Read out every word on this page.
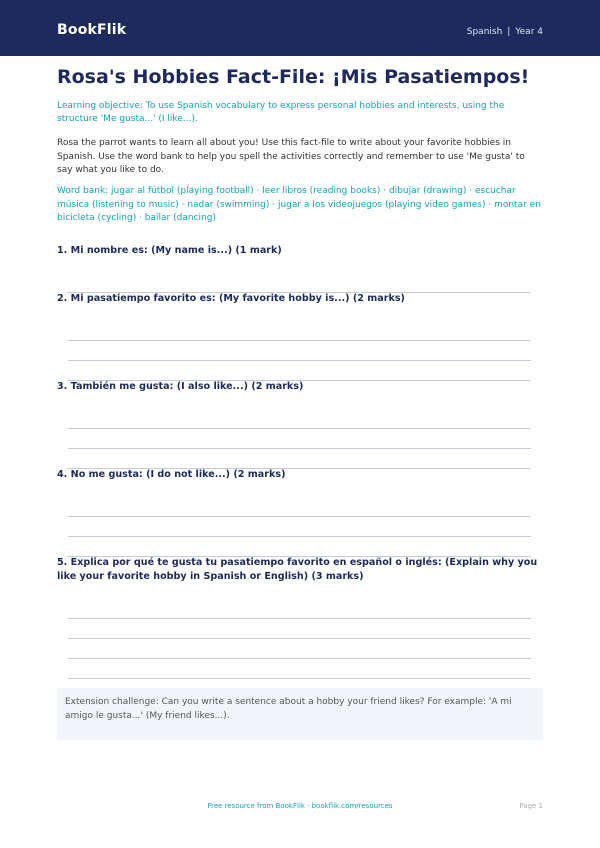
BookFlik	Spanish | Year 4
Rosa's Hobbies Fact-File: ¡Mis Pasatiempos!
Learning objective: To use Spanish vocabulary to express personal hobbies and interests, using the structure 'Me gusta...' (I like...).
Rosa the parrot wants to learn all about you! Use this fact-file to write about your favorite hobbies in Spanish. Use the word bank to help you spell the activities correctly and remember to use 'Me gusta' to say what you like to do.
Word bank: jugar al fútbol (playing football) · leer libros (reading books) · dibujar (drawing) · escuchar música (listening to music) · nadar (swimming) · jugar a los videojuegos (playing video games) · montar en bicicleta (cycling) · bailar (dancing)
1. Mi nombre es: (My name is...) (1 mark)
2. Mi pasatiempo favorito es: (My favorite hobby is...) (2 marks)
3. También me gusta: (I also like...) (2 marks)
4. No me gusta: (I do not like...) (2 marks)
5. Explica por qué te gusta tu pasatiempo favorito en español o inglés: (Explain why you like your favorite hobby in Spanish or English) (3 marks)
Extension challenge: Can you write a sentence about a hobby your friend likes? For example: 'A mi amigo le gusta...' (My friend likes...).
Free resource from BookFlik · bookflik.com/resources	Page 1
